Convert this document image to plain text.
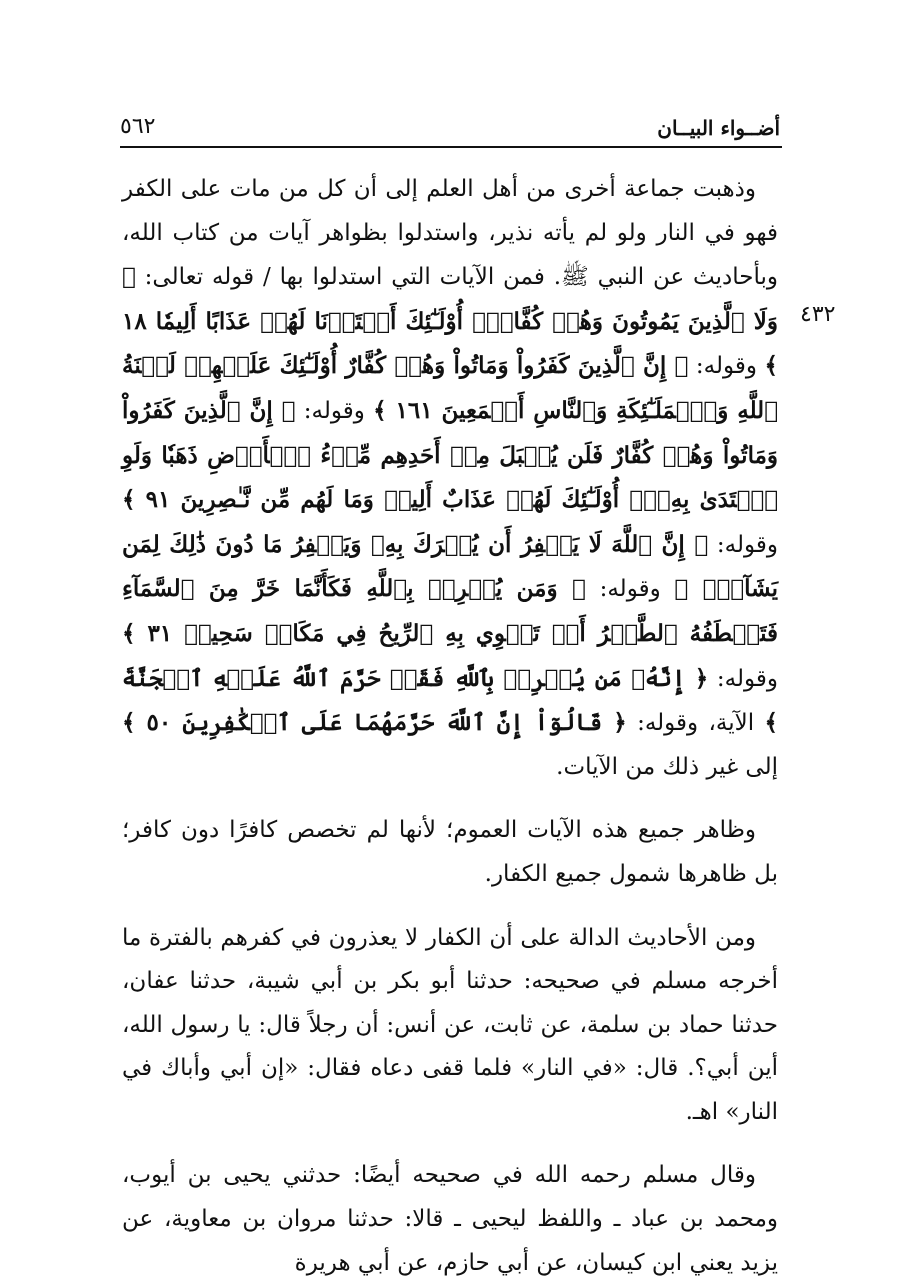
أضــواء البيــان
٥٦٢
٤٣٢

وذهبت جماعة أخرى من أهل العلم إلى أن كل من مات على الكفر فهو في النار ولو لم يأته نذير، واستدلوا بظواهر آيات من كتاب الله، وبأحاديث عن النبي ﷺ. فمن الآيات التي استدلوا بها / قوله تعالى: ﴿ وَلَا ٱلَّذِينَ يَمُوتُونَ وَهُمۡ كُفَّارٌۚ أُوْلَـٰٓئِكَ أَعۡتَدۡنَا لَهُمۡ عَذَابًا أَلِيمٗا ١٨ ﴾ وقوله: ﴿ إِنَّ ٱلَّذِينَ كَفَرُواْ وَمَاتُواْ وَهُمۡ كُفَّارٌ أُوْلَـٰٓئِكَ عَلَيۡهِمۡ لَعۡنَةُ ٱللَّهِ وَٱلۡمَلَـٰٓئِكَةِ وَٱلنَّاسِ أَجۡمَعِينَ ١٦١ ﴾ وقوله: ﴿ إِنَّ ٱلَّذِينَ كَفَرُواْ وَمَاتُواْ وَهُمۡ كُفَّارٌ فَلَن يُقۡبَلَ مِنۡ أَحَدِهِم مِّلۡءُ ٱلۡأَرۡضِ ذَهَبٗا وَلَوِ ٱفۡتَدَىٰ بِهِۦٓۗ أُوْلَـٰٓئِكَ لَهُمۡ عَذَابٌ أَلِيمٞ وَمَا لَهُم مِّن نَّـٰصِرِينَ ٩١ ﴾ وقوله: ﴿ إِنَّ ٱللَّهَ لَا يَغۡفِرُ أَن يُشۡرَكَ بِهِۦ وَيَغۡفِرُ مَا دُونَ ذَٰلِكَ لِمَن يَشَآءُۚ ﴾ وقوله: ﴿ وَمَن يُشۡرِكۡ بِٱللَّهِ فَكَأَنَّمَا خَرَّ مِنَ ٱلسَّمَآءِ فَتَخۡطَفُهُ ٱلطَّيۡرُ أَوۡ تَهۡوِي بِهِ ٱلرِّيحُ فِي مَكَانٖ سَحِيقٖ ٣١ ﴾ وقوله: ﴿ إِنَّهُۥ مَن يُشۡرِكۡ بِٱللَّهِ فَقَدۡ حَرَّمَ ٱللَّهُ عَلَيۡهِ ٱلۡجَنَّةَ ﴾ الآية، وقوله: ﴿ قَالُوٓاْ إِنَّ ٱللَّهَ حَرَّمَهُمَا عَلَى ٱلۡكَٰفِرِينَ ٥٠ ﴾ إلى غير ذلك من الآيات.

وظاهر جميع هذه الآيات العموم؛ لأنها لم تخصص كافرًا دون كافر؛ بل ظاهرها شمول جميع الكفار.

ومن الأحاديث الدالة على أن الكفار لا يعذرون في كفرهم بالفترة ما أخرجه مسلم في صحيحه: حدثنا أبو بكر بن أبي شيبة، حدثنا عفان، حدثنا حماد بن سلمة، عن ثابت، عن أنس: أن رجلاً قال: يا رسول الله، أين أبي؟. قال: «في النار» فلما قفى دعاه فقال: «إن أبي وأباك في النار» اهـ.

وقال مسلم رحمه الله في صحيحه أيضًا: حدثني يحيى بن أيوب، ومحمد بن عباد ـ واللفظ ليحيى ـ قالا: حدثنا مروان بن معاوية، عن يزيد يعني ابن كيسان، عن أبي حازم، عن أبي هريرة
